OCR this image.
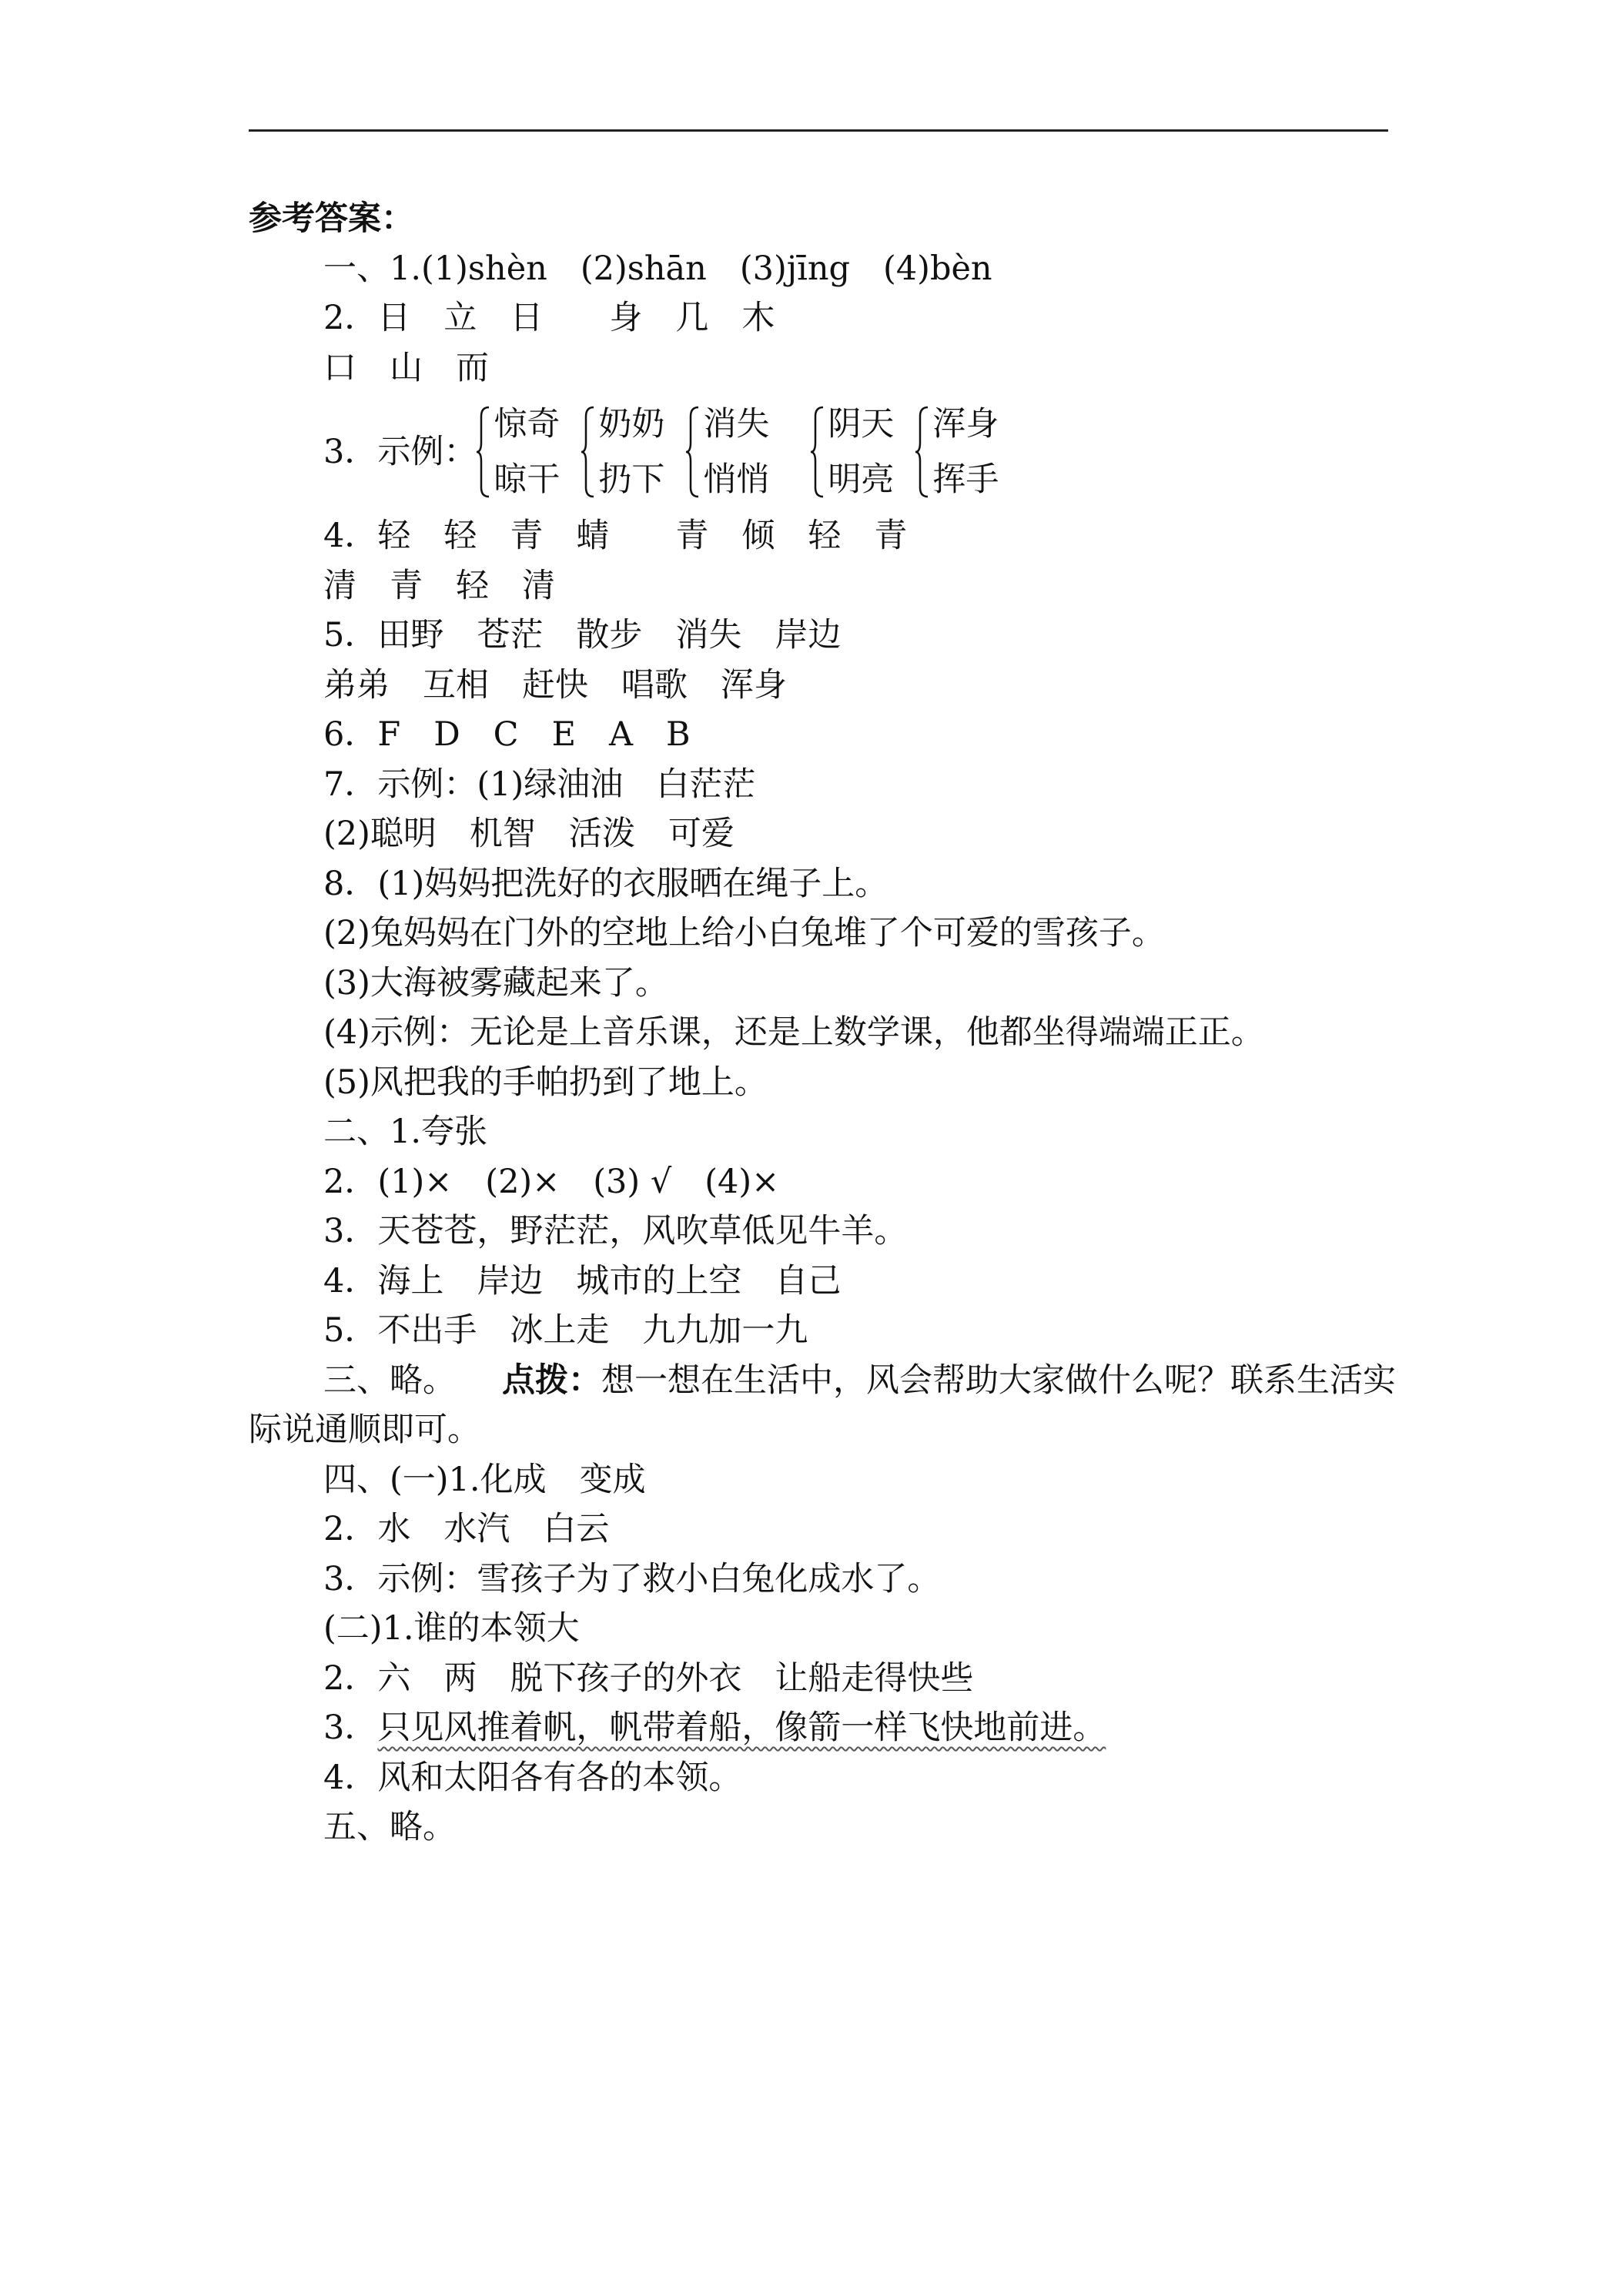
参考答案：
一、1.(1)shèn　(2)shān　(3)jīng　(4)bèn
2．日　立　日　　身　几　木
口　山　而
3．示例：
惊奇
晾干
奶奶
扔下
消失
悄悄
阴天
明亮
浑身
挥手
4．轻　轻　青　蜻　　青　倾　轻　青
清　青　轻　清
5．田野　苍茫　散步　消失　岸边
弟弟　互相　赶快　唱歌　浑身
6．F　D　C　E　A　B
7．示例：(1)绿油油　白茫茫
(2)聪明　机智　活泼　可爱
8．(1)妈妈把洗好的衣服晒在绳子上。
(2)兔妈妈在门外的空地上给小白兔堆了个可爱的雪孩子。
(3)大海被雾藏起来了。
(4)示例：无论是上音乐课，还是上数学课，他都坐得端端正正。
(5)风把我的手帕扔到了地上。
二、1.夸张
2．(1)×　(2)×　(3) √　(4)×
3．天苍苍，野茫茫，风吹草低见牛羊。
4．海上　岸边　城市的上空　自己
5．不出手　冰上走　九九加一九
三、略。 点拨：想一想在生活中，风会帮助大家做什么呢？联系生活实际说通顺即可。
四、(一)1.化成　变成
2．水　水汽　白云
3．示例：雪孩子为了救小白兔化成水了。
(二)1.谁的本领大
2．六　两　脱下孩子的外衣　让船走得快些
3．只见风推着帆，帆带着船，像箭一样飞快地前进。
4．风和太阳各有各的本领。
五、略。
